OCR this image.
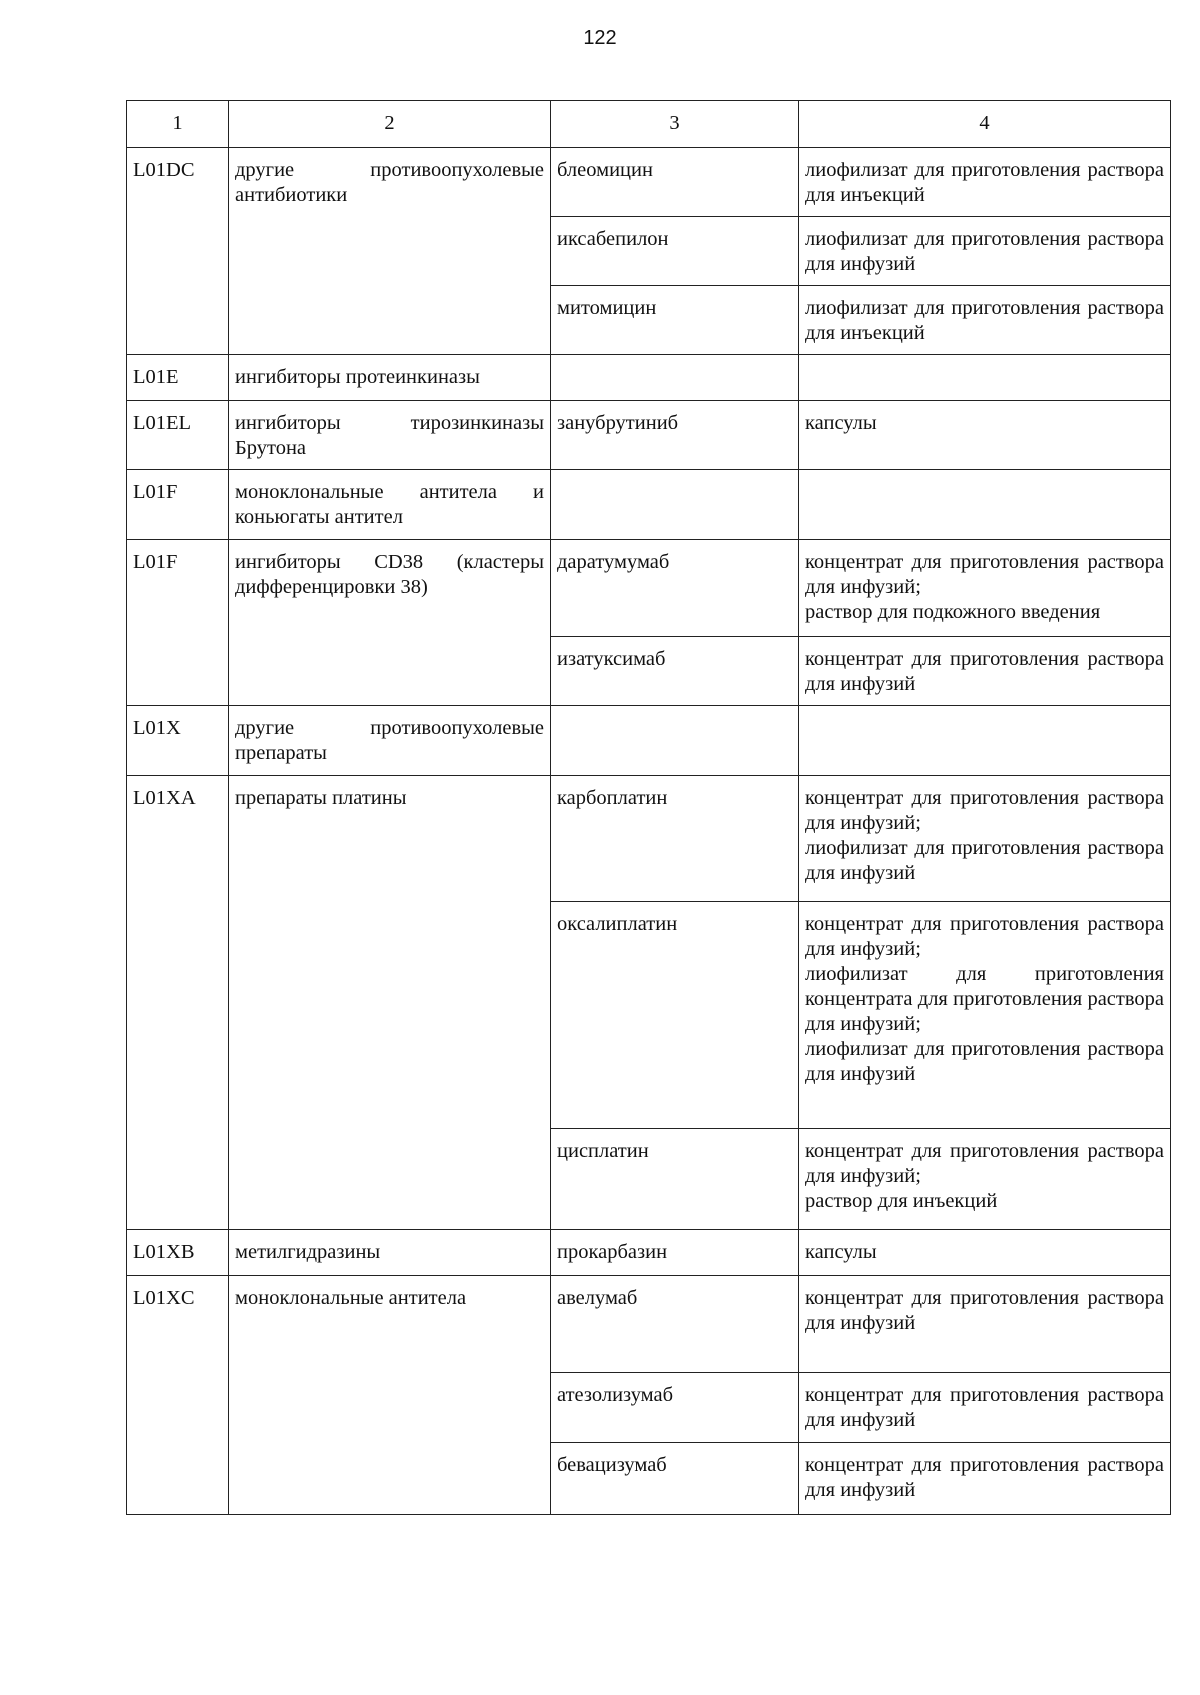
122
1	2	3	4
L01DC	другие противоопухолевые антибиотики	блеомицин	лиофилизат для приготовления раствора для инъекций

		иксабепилон	лиофилизат для приготовления раствора для инфузий

		митомицин	лиофилизат для приготовления раствора для инъекций

L01E	ингибиторы протеинкиназы		
L01EL	ингибиторы тирозинкиназы Брутона	занубрутиниб	капсулы

L01F	моноклональные антитела и коньюгаты антител		
L01F	ингибиторы CD38 (кластеры дифференцировки 38)	даратумумаб	концентрат для приготовления раствора для инфузий;
раствор для подкожного введения

		изатуксимаб	концентрат для приготовления раствора для инфузий

L01X	другие противоопухолевые препараты		
L01XA	препараты платины	карбоплатин	концентрат для приготовления раствора для инфузий;
лиофилизат для приготовления раствора для инфузий

		оксалиплатин	концентрат для приготовления раствора для инфузий;
лиофилизат для приготовления концентрата для приготовления раствора для инфузий;
лиофилизат для приготовления раствора для инфузий

		цисплатин	концентрат для приготовления раствора для инфузий;
раствор для инъекций

L01XB	метилгидразины	прокарбазин	капсулы

L01XC	моноклональные антитела	авелумаб	концентрат для приготовления раствора для инфузий

		атезолизумаб	концентрат для приготовления раствора для инфузий

		бевацизумаб	концентрат для приготовления раствора для инфузий
